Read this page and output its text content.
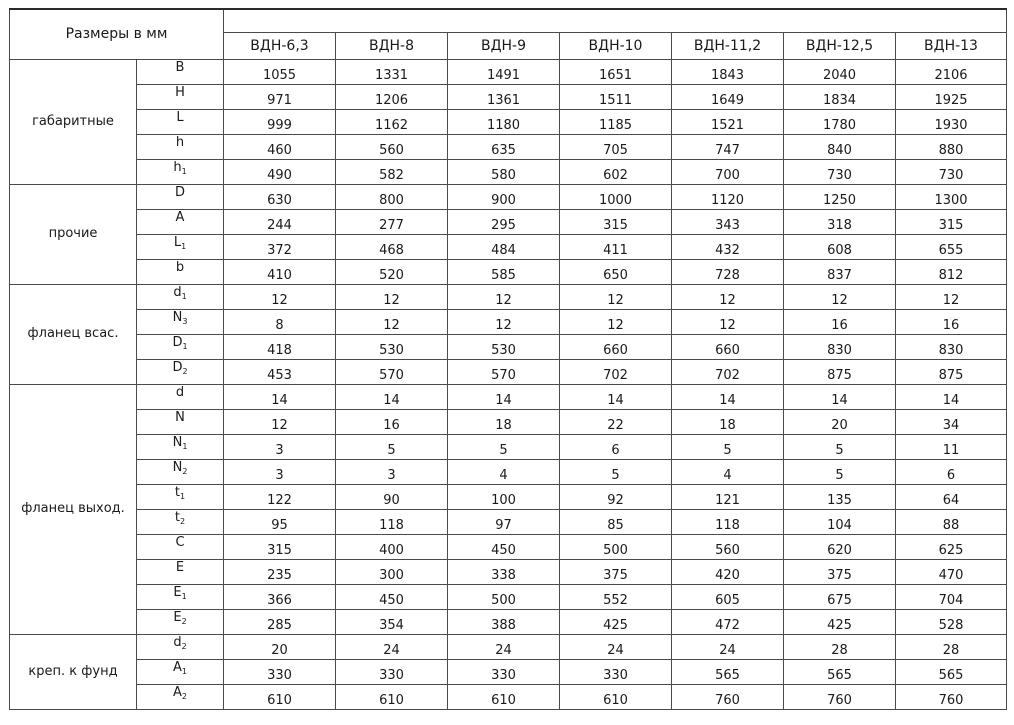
Размеры в мм								
		ВДН-6,3	ВДН-8	ВДН-9	ВДН-10	ВДН-11,2	ВДН-12,5	ВДН-13
габаритные	B	1055	1331	1491	1651	1843	2040	2106
	H	971	1206	1361	1511	1649	1834	1925
	L	999	1162	1180	1185	1521	1780	1930
	h	460	560	635	705	747	840	880
	$h_1$	490	582	580	602	700	730	730
прочие	D	630	800	900	1000	1120	1250	1300
	A	244	277	295	315	343	318	315
	$L_1$	372	468	484	411	432	608	655
	b	410	520	585	650	728	837	812
фланец всас.	$d_1$	12	12	12	12	12	12	12
	$N_3$	8	12	12	12	12	16	16
	$D_1$	418	530	530	660	660	830	830
	$D_2$	453	570	570	702	702	875	875
фланец выход.	d	14	14	14	14	14	14	14
	N	12	16	18	22	18	20	34
	$N_1$	3	5	5	6	5	5	11
	$N_2$	3	3	4	5	4	5	6
	$t_1$	122	90	100	92	121	135	64
	$t_2$	95	118	97	85	118	104	88
	C	315	400	450	500	560	620	625
	E	235	300	338	375	420	375	470
	$E_1$	366	450	500	552	605	675	704
	$E_2$	285	354	388	425	472	425	528
креп. к фунд	$d_2$	20	24	24	24	24	28	28
	$A_1$	330	330	330	330	565	565	565
	$A_2$	610	610	610	610	760	760	760
